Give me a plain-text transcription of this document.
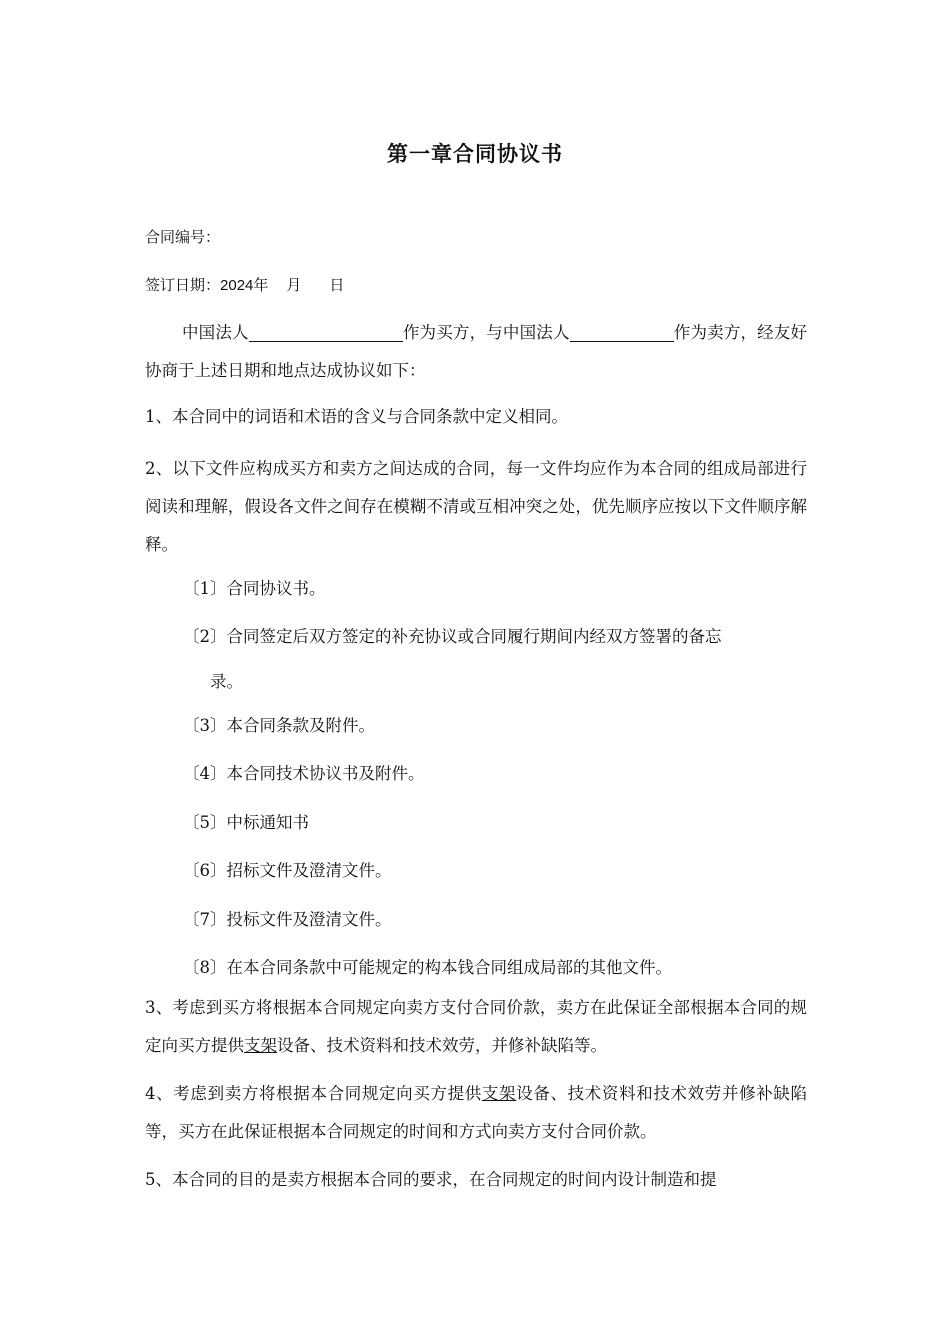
第一章合同协议书
合同编号：
签订日期：2024年 月 日
中国法人	作为买方，与中国法人	作为卖方，经友好协商于上述日期和地点达成协议如下：
1、本合同中的词语和术语的含义与合同条款中定义相同。
2、以下文件应构成买方和卖方之间达成的合同，每一文件均应作为本合同的组成局部进行阅读和理解，假设各文件之间存在模糊不清或互相冲突之处，优先顺序应按以下文件顺序解释。
〔1〕合同协议书。
〔2〕合同签定后双方签定的补充协议或合同履行期间内经双方签署的备忘
录。
〔3〕本合同条款及附件。
〔4〕本合同技术协议书及附件。
〔5〕中标通知书
〔6〕招标文件及澄清文件。
〔7〕投标文件及澄清文件。
〔8〕在本合同条款中可能规定的构本钱合同组成局部的其他文件。
3、考虑到买方将根据本合同规定向卖方支付合同价款，卖方在此保证全部根据本合同的规定向买方提供支架设备、技术资料和技术效劳，并修补缺陷等。
4、考虑到卖方将根据本合同规定向买方提供支架设备、技术资料和技术效劳并修补缺陷等，买方在此保证根据本合同规定的时间和方式向卖方支付合同价款。
5、本合同的目的是卖方根据本合同的要求，在合同规定的时间内设计制造和提
